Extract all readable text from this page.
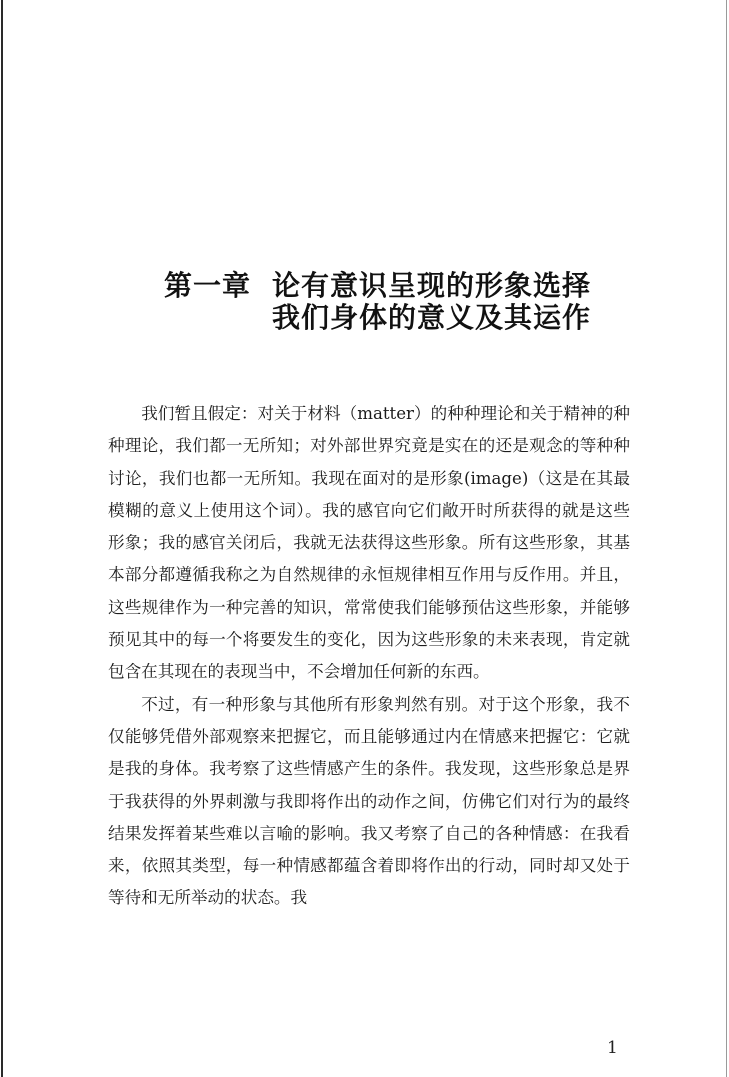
第一章 论有意识呈现的形象选择
我们身体的意义及其运作

我们暂且假定：对关于材料（matter）的种种理论和关于精神的种种理论，我们都一无所知；对外部世界究竟是实在的还是观念的等种种讨论，我们也都一无所知。我现在面对的是形象(image)（这是在其最模糊的意义上使用这个词）。我的感官向它们敞开时所获得的就是这些形象；我的感官关闭后，我就无法获得这些形象。所有这些形象，其基本部分都遵循我称之为自然规律的永恒规律相互作用与反作用。并且，这些规律作为一种完善的知识，常常使我们能够预估这些形象，并能够预见其中的每一个将要发生的变化，因为这些形象的未来表现，肯定就包含在其现在的表现当中，不会增加任何新的东西。

不过，有一种形象与其他所有形象判然有别。对于这个形象，我不仅能够凭借外部观察来把握它，而且能够通过内在情感来把握它：它就是我的身体。我考察了这些情感产生的条件。我发现，这些形象总是界于我获得的外界刺激与我即将作出的动作之间，仿佛它们对行为的最终结果发挥着某些难以言喻的影响。我又考察了自己的各种情感：在我看来，依照其类型，每一种情感都蕴含着即将作出的行动，同时却又处于等待和无所举动的状态。我

1
